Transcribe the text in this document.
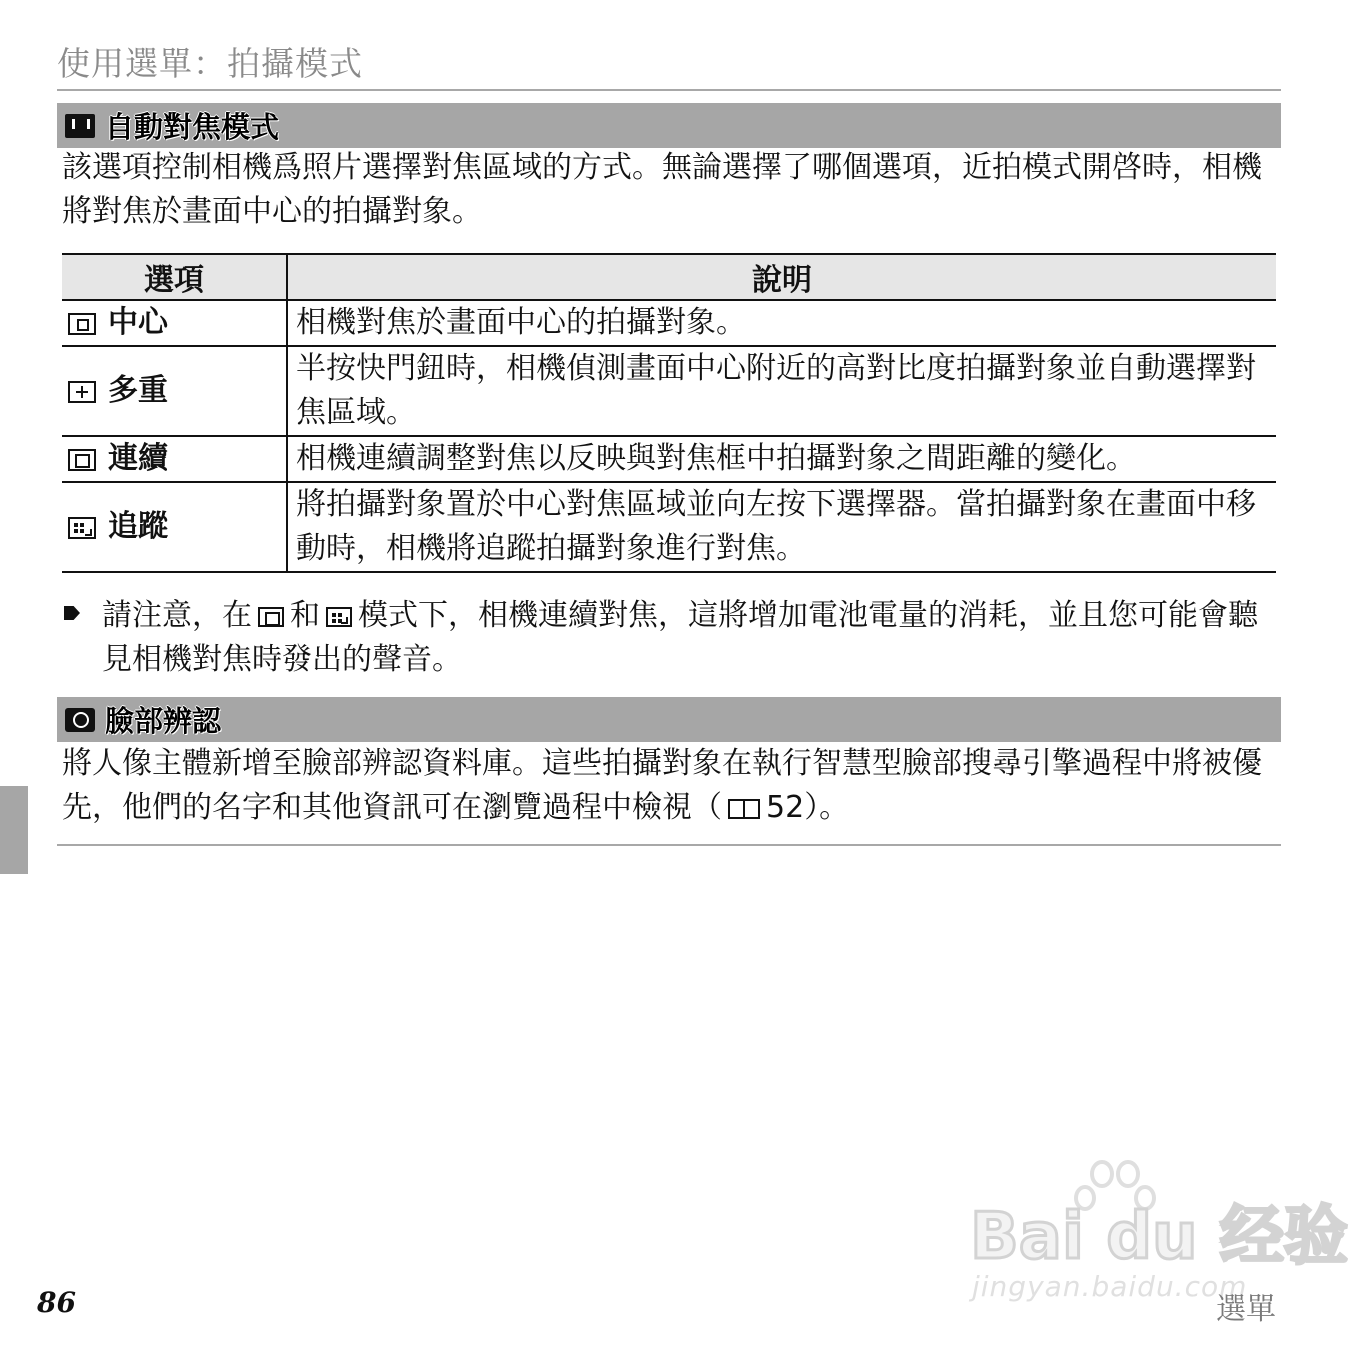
使用選單：拍攝模式
自動對焦模式
該選項控制相機爲照片選擇對焦區域的方式。無論選擇了哪個選項，近拍模式開啓時，相機將對焦於畫面中心的拍攝對象。
選項	說明
中心	相機對焦於畫面中心的拍攝對象。
多重	半按快門鈕時，相機偵測畫面中心附近的高對比度拍攝對象並自動選擇對焦區域。
連續	相機連續調整對焦以反映與對焦框中拍攝對象之間距離的變化。
追蹤	將拍攝對象置於中心對焦區域並向左按下選擇器。當拍攝對象在畫面中移動時，相機將追蹤拍攝對象進行對焦。
請注意，在 和 模式下，相機連續對焦，這將增加電池電量的消耗，並且您可能會聽見相機對焦時發出的聲音。
臉部辨認
將人像主體新增至臉部辨認資料庫。這些拍攝對象在執行智慧型臉部搜尋引擎過程中將被優先，他們的名字和其他資訊可在瀏覽過程中檢視（ 52）。
Bai du 经验
jingyan.baidu.com
86	選單
